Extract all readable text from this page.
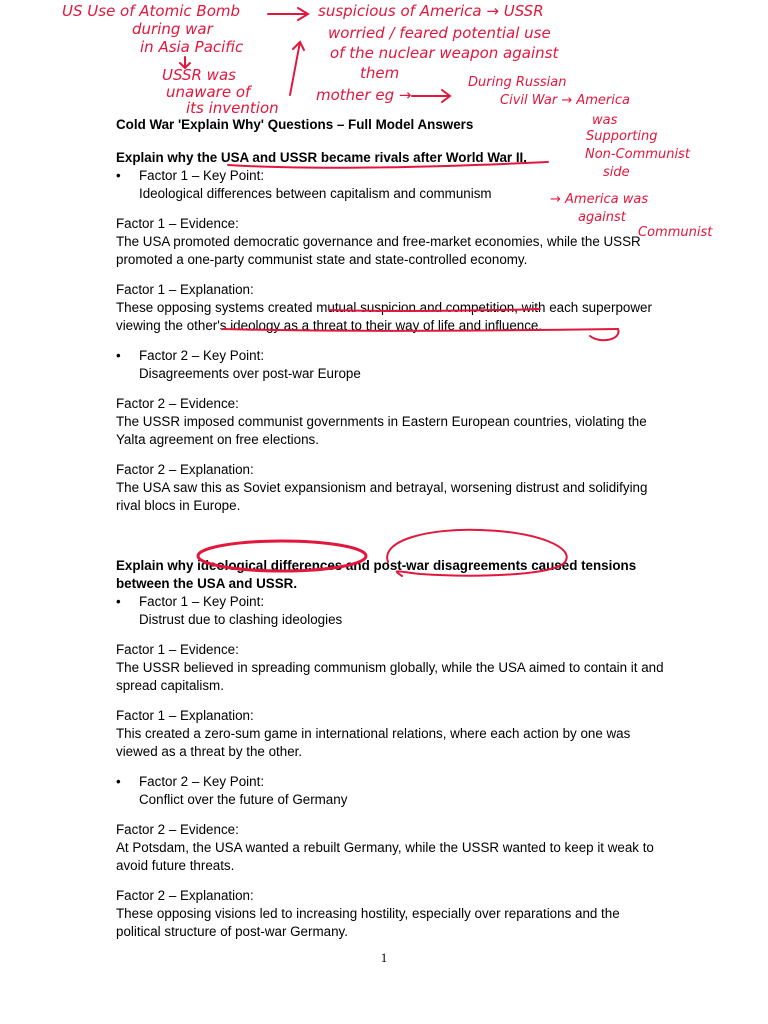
Cold War 'Explain Why' Questions – Full Model Answers
Explain why the USA and USSR became rivals after World War II.
• Factor 1 – Key Point:
Ideological differences between capitalism and communism
Factor 1 – Evidence:
The USA promoted democratic governance and free-market economies, while the USSR promoted a one-party communist state and state-controlled economy.
Factor 1 – Explanation:
These opposing systems created mutual suspicion and competition, with each superpower viewing the other's ideology as a threat to their way of life and influence.
• Factor 2 – Key Point:
Disagreements over post-war Europe
Factor 2 – Evidence:
The USSR imposed communist governments in Eastern European countries, violating the Yalta agreement on free elections.
Factor 2 – Explanation:
The USA saw this as Soviet expansionism and betrayal, worsening distrust and solidifying rival blocs in Europe.
Explain why ideological differences and post-war disagreements caused tensions between the USA and USSR.
• Factor 1 – Key Point:
Distrust due to clashing ideologies
Factor 1 – Evidence:
The USSR believed in spreading communism globally, while the USA aimed to contain it and spread capitalism.
Factor 1 – Explanation:
This created a zero-sum game in international relations, where each action by one was viewed as a threat by the other.
• Factor 2 – Key Point:
Conflict over the future of Germany
Factor 2 – Evidence:
At Potsdam, the USA wanted a rebuilt Germany, while the USSR wanted to keep it weak to avoid future threats.
Factor 2 – Explanation:
These opposing visions led to increasing hostility, especially over reparations and the political structure of post-war Germany.
1
US Use of Atomic Bomb
during war
in Asia Pacific
USSR was
unaware of
its invention
suspicious of America → USSR
worried / feared potential use
of the nuclear weapon against
them
mother eg →
During Russian
Civil War → America
was
Supporting
Non-Communist
side
→ America was
against
Communist
